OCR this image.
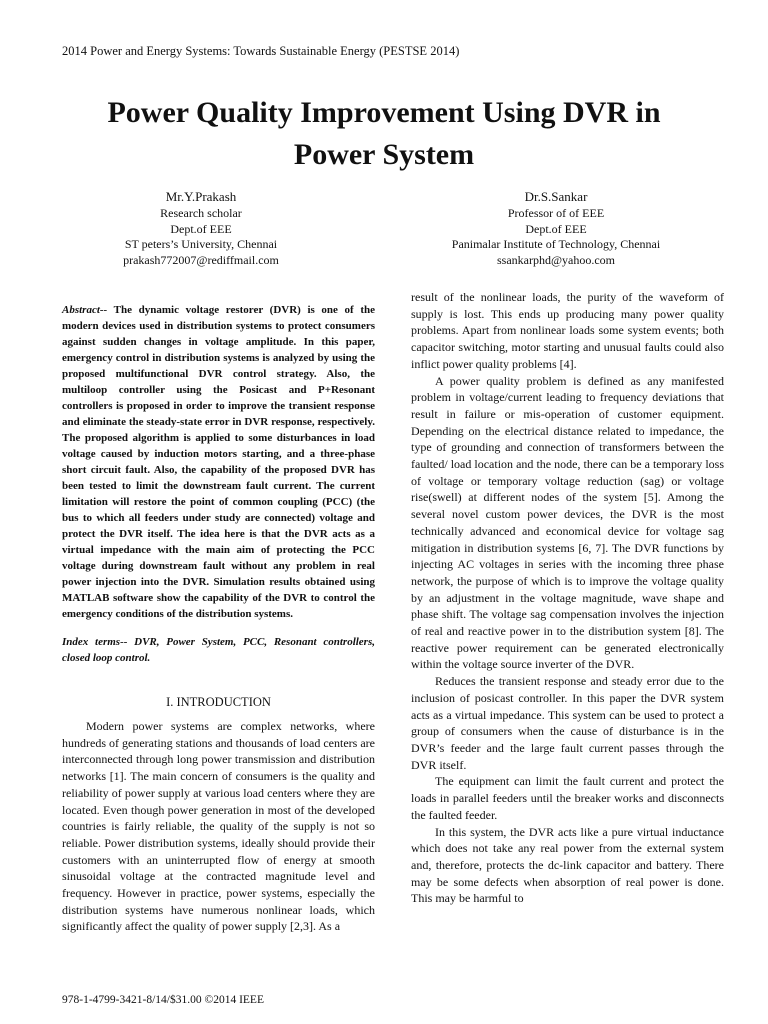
2014 Power and Energy Systems: Towards Sustainable Energy (PESTSE 2014)
Power Quality Improvement Using DVR in
Power System
Mr.Y.Prakash
Research scholar
Dept.of EEE
ST peters’s University, Chennai
prakash772007@rediffmail.com
Dr.S.Sankar
Professor of of EEE
Dept.of EEE
Panimalar Institute of Technology, Chennai
ssankarphd@yahoo.com

Abstract-- The dynamic voltage restorer (DVR) is one of the modern devices used in distribution systems to protect consumers against sudden changes in voltage amplitude. In this paper, emergency control in distribution systems is analyzed by using the proposed multifunctional DVR control strategy. Also, the multiloop controller using the Posicast and P+Resonant controllers is proposed in order to improve the transient response and eliminate the steady-state error in DVR response, respectively. The proposed algorithm is applied to some disturbances in load voltage caused by induction motors starting, and a three-phase short circuit fault. Also, the capability of the proposed DVR has been tested to limit the downstream fault current. The current limitation will restore the point of common coupling (PCC) (the bus to which all feeders under study are connected) voltage and protect the DVR itself. The idea here is that the DVR acts as a virtual impedance with the main aim of protecting the PCC voltage during downstream fault without any problem in real power injection into the DVR. Simulation results obtained using MATLAB software show the capability of the DVR to control the emergency conditions of the distribution systems.

Index terms-- DVR, Power System, PCC, Resonant controllers, closed loop control.

I. INTRODUCTION

Modern power systems are complex networks, where hundreds of generating stations and thousands of load centers are interconnected through long power transmission and distribution networks [1]. The main concern of consumers is the quality and reliability of power supply at various load centers where they are located. Even though power generation in most of the developed countries is fairly reliable, the quality of the supply is not so reliable. Power distribution systems, ideally should provide their customers with an uninterrupted flow of energy at smooth sinusoidal voltage at the contracted magnitude level and frequency. However in practice, power systems, especially the distribution systems have numerous nonlinear loads, which significantly affect the quality of power supply [2,3]. As a

result of the nonlinear loads, the purity of the waveform of supply is lost. This ends up producing many power quality problems. Apart from nonlinear loads some system events; both capacitor switching, motor starting and unusual faults could also inflict power quality problems [4].

A power quality problem is defined as any manifested problem in voltage/current leading to frequency deviations that result in failure or mis-operation of customer equipment. Depending on the electrical distance related to impedance, the type of grounding and connection of transformers between the faulted/ load location and the node, there can be a temporary loss of voltage or temporary voltage reduction (sag) or voltage rise(swell) at different nodes of the system [5]. Among the several novel custom power devices, the DVR is the most technically advanced and economical device for voltage sag mitigation in distribution systems [6, 7]. The DVR functions by injecting AC voltages in series with the incoming three phase network, the purpose of which is to improve the voltage quality by an adjustment in the voltage magnitude, wave shape and phase shift. The voltage sag compensation involves the injection of real and reactive power in to the distribution system [8]. The reactive power requirement can be generated electronically within the voltage source inverter of the DVR.

Reduces the transient response and steady error due to the inclusion of posicast controller. In this paper the DVR system acts as a virtual impedance. This system can be used to protect a group of consumers when the cause of disturbance is in the DVR’s feeder and the large fault current passes through the DVR itself.

The equipment can limit the fault current and protect the loads in parallel feeders until the breaker works and disconnects the faulted feeder.

In this system, the DVR acts like a pure virtual inductance which does not take any real power from the external system and, therefore, protects the dc-link capacitor and battery. There may be some defects when absorption of real power is done. This may be harmful to

978-1-4799-3421-8/14/$31.00 ©2014 IEEE
